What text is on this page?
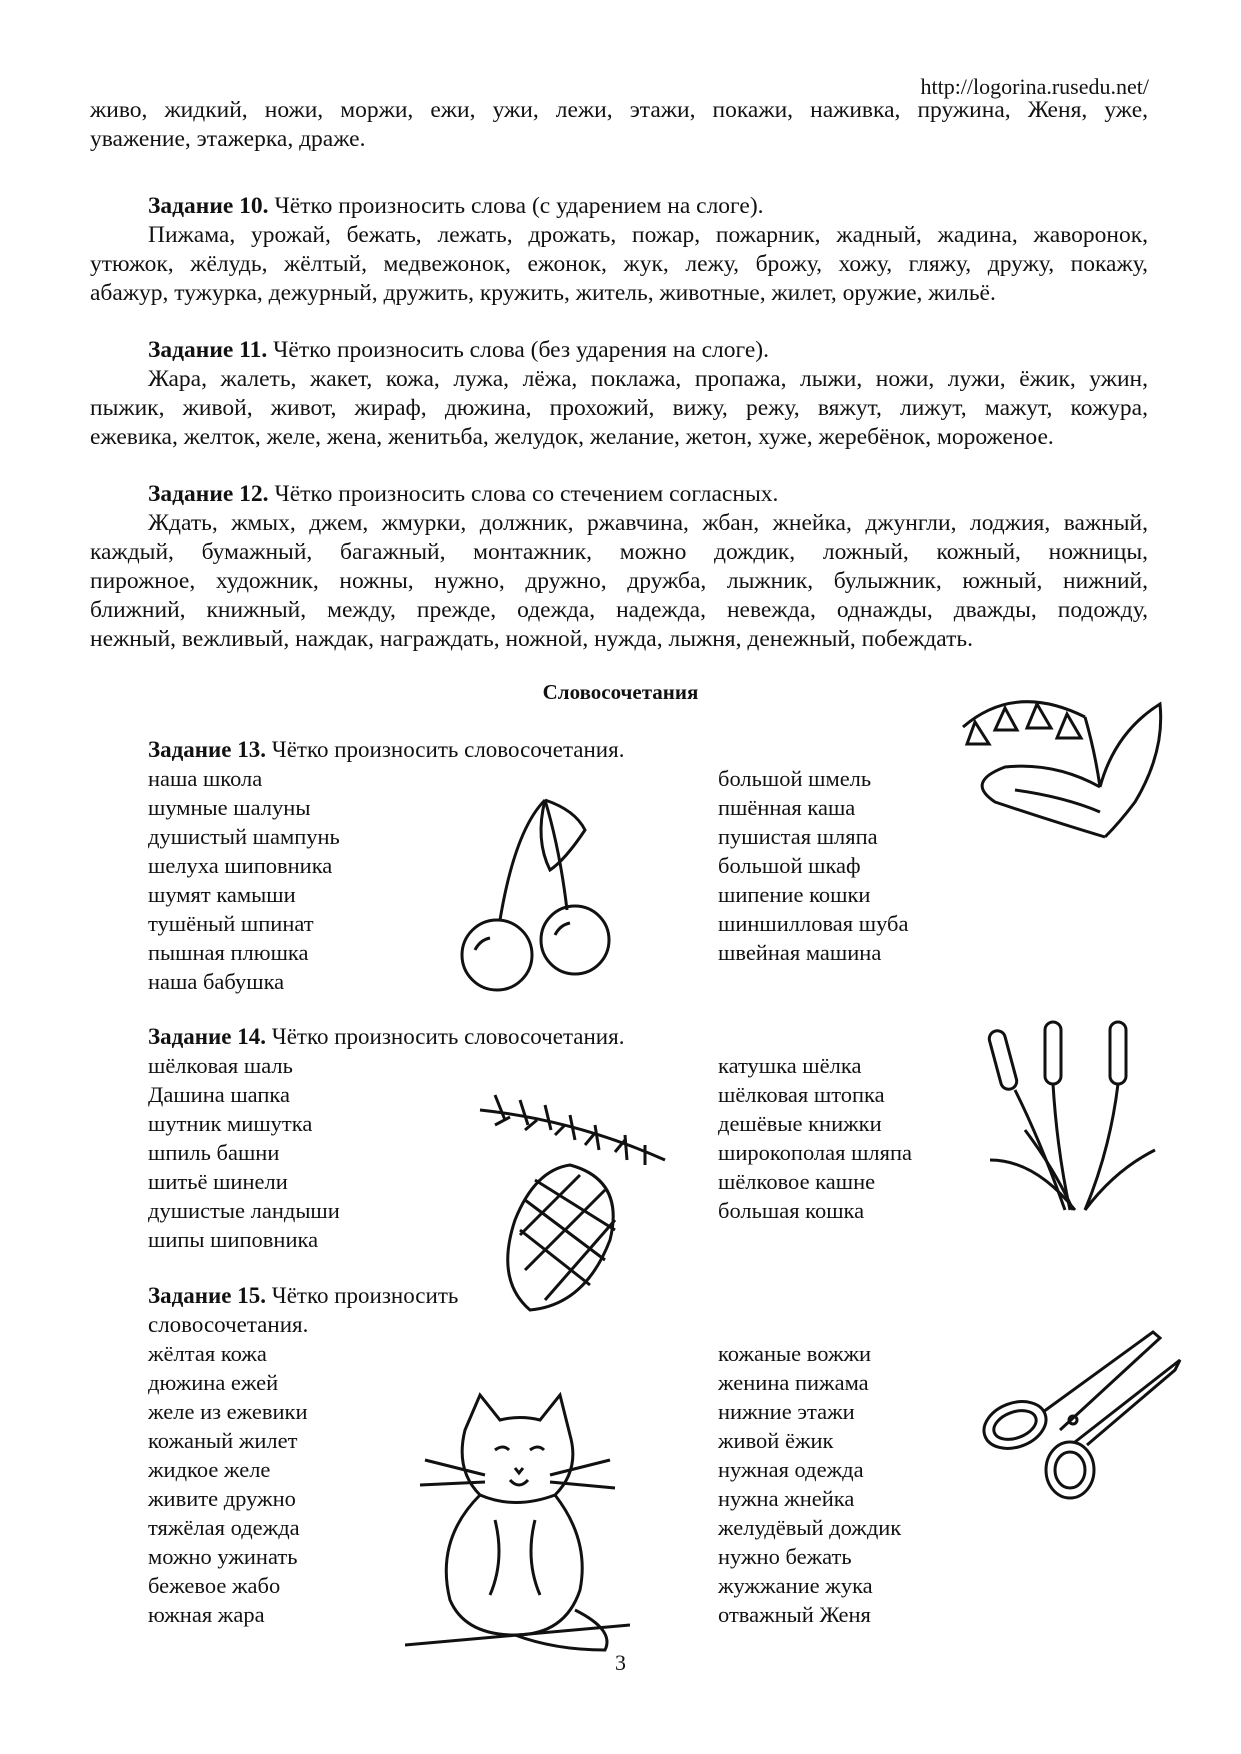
http://logorina.rusedu.net/

живо, жидкий, ножи, моржи, ежи, ужи, лежи, этажи, покажи, наживка, пружина, Женя, уже,

уважение, этажерка, драже.

Задание 10. Чётко произносить слова (с ударением на слоге).

Пижама, урожай, бежать, лежать, дрожать, пожар, пожарник, жадный, жадина, жаворонок,

утюжок, жёлудь, жёлтый, медвежонок, ежонок, жук, лежу, брожу, хожу, гляжу, дружу, покажу,

абажур, тужурка, дежурный, дружить, кружить, житель, животные, жилет, оружие, жильё.

Задание 11. Чётко произносить слова (без ударения на слоге).

Жара, жалеть, жакет, кожа, лужа, лёжа, поклажа, пропажа, лыжи, ножи, лужи, ёжик, ужин,

пыжик, живой, живот, жираф, дюжина, прохожий, вижу, режу, вяжут, лижут, мажут, кожура,

ежевика, желток, желе, жена, женитьба, желудок, желание, жетон, хуже, жеребёнок, мороженое.

Задание 12. Чётко произносить слова со стечением согласных.

Ждать, жмых, джем, жмурки, должник, ржавчина, жбан, жнейка, джунгли, лоджия, важный,

каждый, бумажный, багажный, монтажник, можно дождик, ложный, кожный, ножницы,

пирожное, художник, ножны, нужно, дружно, дружба, лыжник, булыжник, южный, нижний,

ближний, книжный, между, прежде, одежда, надежда, невежда, однажды, дважды, подожду,

нежный, вежливый, наждак, награждать, ножной, нужда, лыжня, денежный, побеждать.

Словосочетания
Задание 13. Чётко произносить словосочетания.
наша школа
шумные шалуны
душистый шампунь
шелуха шиповника
шумят камыши
тушёный шпинат
пышная плюшка
наша бабушка
большой шмель
пшённая каша
пушистая шляпа
большой шкаф
шипение кошки
шиншилловая шуба
швейная машина
Задание 14. Чётко произносить словосочетания.
шёлковая шаль
Дашина шапка
шутник мишутка
шпиль башни
шитьё шинели
душистые ландыши
шипы шиповника
катушка шёлка
шёлковая штопка
дешёвые книжки
широкополая шляпа
шёлковое кашне
большая кошка
Задание 15. Чётко произносить
словосочетания.
жёлтая кожа
дюжина ежей
желе из ежевики
кожаный жилет
жидкое желе
живите дружно
тяжёлая одежда
можно ужинать
бежевое жабо
южная жара
кожаные вожжи
женина пижама
нижние этажи
живой ёжик
нужная одежда
нужна жнейка
желудёвый дождик
нужно бежать
жужжание жука
отважный Женя
3
